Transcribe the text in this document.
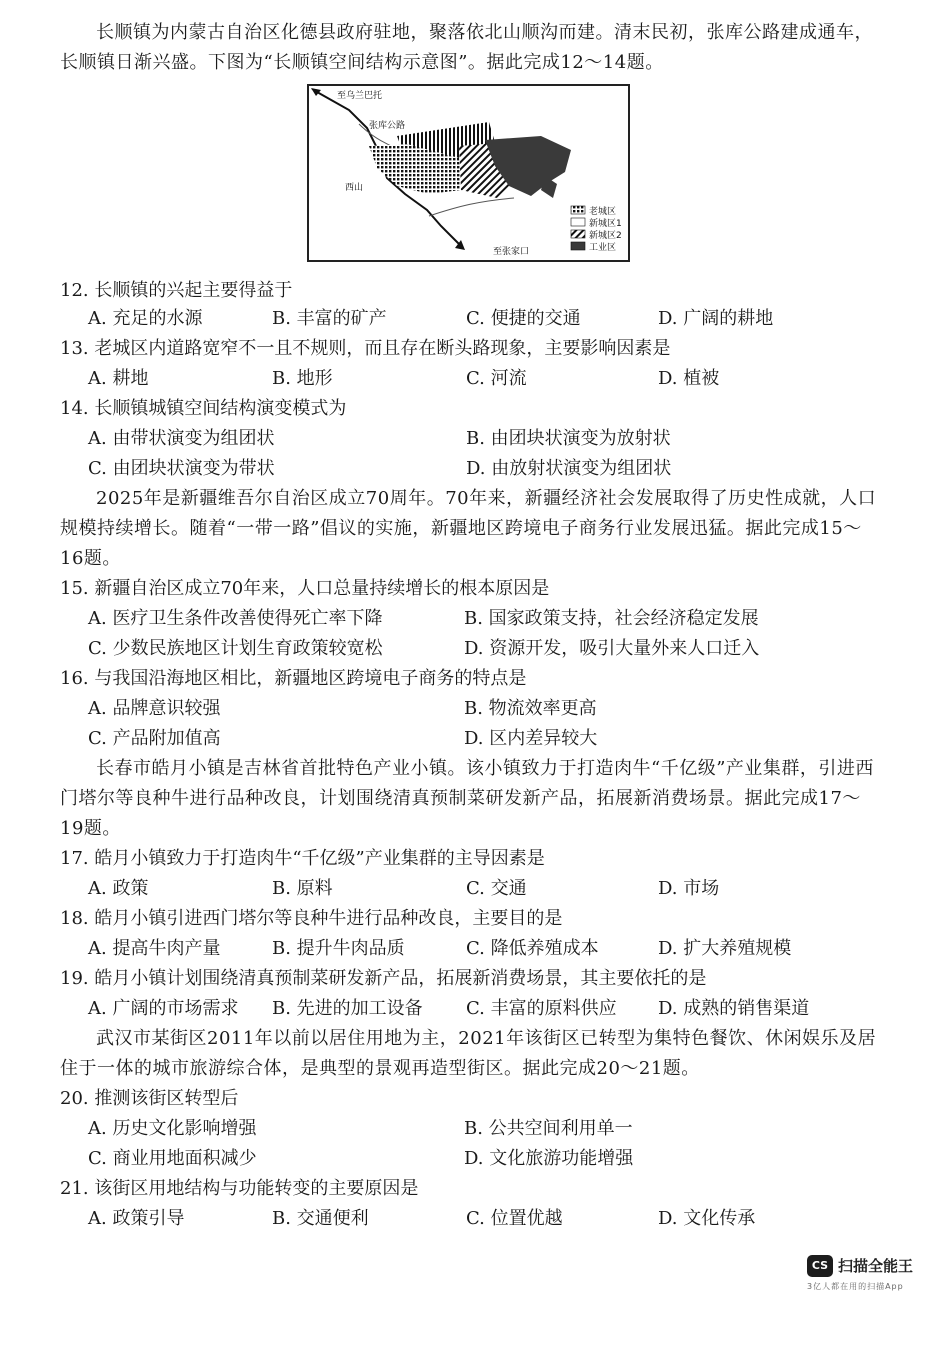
长顺镇为内蒙古自治区化德县政府驻地，聚落依北山顺沟而建。清末民初，张库公路建成通车，长顺镇日渐兴盛。下图为“长顺镇空间结构示意图”。据此完成12～14题。
至乌兰巴托
张库公路
西山
至张家口
老城区
新城区1
新城区2
工业区
12. 长顺镇的兴起主要得益于
A. 充足的水源	B. 丰富的矿产	C. 便捷的交通	D. 广阔的耕地
13. 老城区内道路宽窄不一且不规则，而且存在断头路现象，主要影响因素是
A. 耕地	B. 地形	C. 河流	D. 植被
14. 长顺镇城镇空间结构演变模式为
A. 由带状演变为组团状	B. 由团块状演变为放射状
C. 由团块状演变为带状	D. 由放射状演变为组团状
2025年是新疆维吾尔自治区成立70周年。70年来，新疆经济社会发展取得了历史性成就，人口规模持续增长。随着“一带一路”倡议的实施，新疆地区跨境电子商务行业发展迅猛。据此完成15～16题。
15. 新疆自治区成立70年来，人口总量持续增长的根本原因是
A. 医疗卫生条件改善使得死亡率下降	B. 国家政策支持，社会经济稳定发展
C. 少数民族地区计划生育政策较宽松	D. 资源开发，吸引大量外来人口迁入
16. 与我国沿海地区相比，新疆地区跨境电子商务的特点是
A. 品牌意识较强	B. 物流效率更高
C. 产品附加值高	D. 区内差异较大
长春市皓月小镇是吉林省首批特色产业小镇。该小镇致力于打造肉牛“千亿级”产业集群，引进西门塔尔等良种牛进行品种改良，计划围绕清真预制菜研发新产品，拓展新消费场景。据此完成17～19题。
17. 皓月小镇致力于打造肉牛“千亿级”产业集群的主导因素是
A. 政策	B. 原料	C. 交通	D. 市场
18. 皓月小镇引进西门塔尔等良种牛进行品种改良，主要目的是
A. 提高牛肉产量	B. 提升牛肉品质	C. 降低养殖成本	D. 扩大养殖规模
19. 皓月小镇计划围绕清真预制菜研发新产品，拓展新消费场景，其主要依托的是
A. 广阔的市场需求 B. 先进的加工设备 C. 丰富的原料供应 D. 成熟的销售渠道
武汉市某街区2011年以前以居住用地为主，2021年该街区已转型为集特色餐饮、休闲娱乐及居住于一体的城市旅游综合体，是典型的景观再造型街区。据此完成20～21题。
20. 推测该街区转型后
A. 历史文化影响增强	B. 公共空间利用单一
C. 商业用地面积减少	D. 文化旅游功能增强
21. 该街区用地结构与功能转变的主要原因是
A. 政策引导	B. 交通便利	C. 位置优越	D. 文化传承
CS 扫描全能王
3亿人都在用的扫描App
